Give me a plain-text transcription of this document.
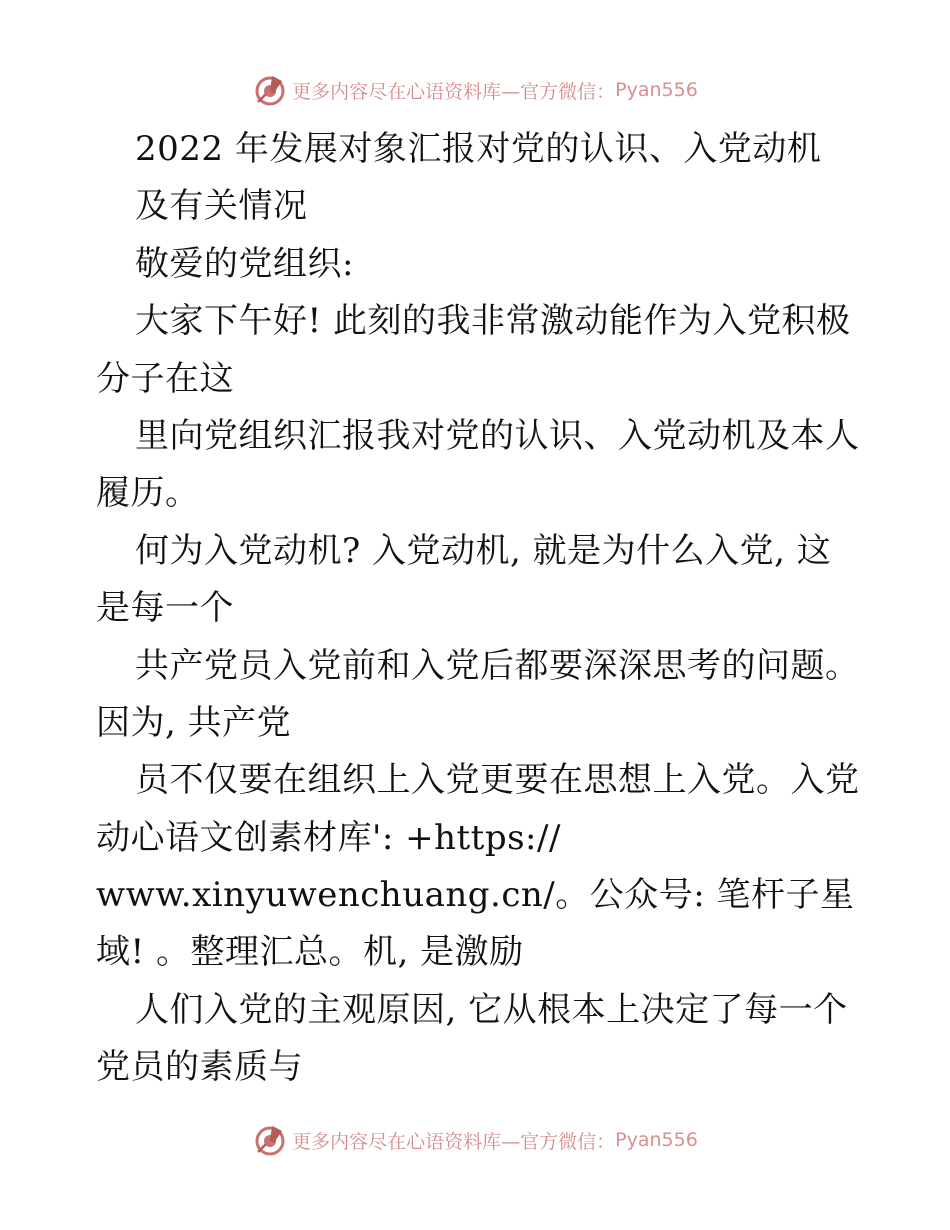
更多内容尽在心语资料库—官方微信： Pyan556
2022 年发展对象汇报对党的认识、入党动机
及有关情况
敬爱的党组织:
大家下午好! 此刻的我非常激动能作为入党积极
分子在这
里向党组织汇报我对党的认识、入党动机及本人
履历。
何为入党动机? 入党动机, 就是为什么入党, 这
是每一个
共产党员入党前和入党后都要深深思考的问题。
因为, 共产党
员不仅要在组织上入党更要在思想上入党。入党
动心语文创素材库': +https://
www.xinyuwenchuang.cn/。公众号: 笔杆子星
域! 。整理汇总。机, 是激励
人们入党的主观原因, 它从根本上决定了每一个
党员的素质与
更多内容尽在心语资料库—官方微信： Pyan556
